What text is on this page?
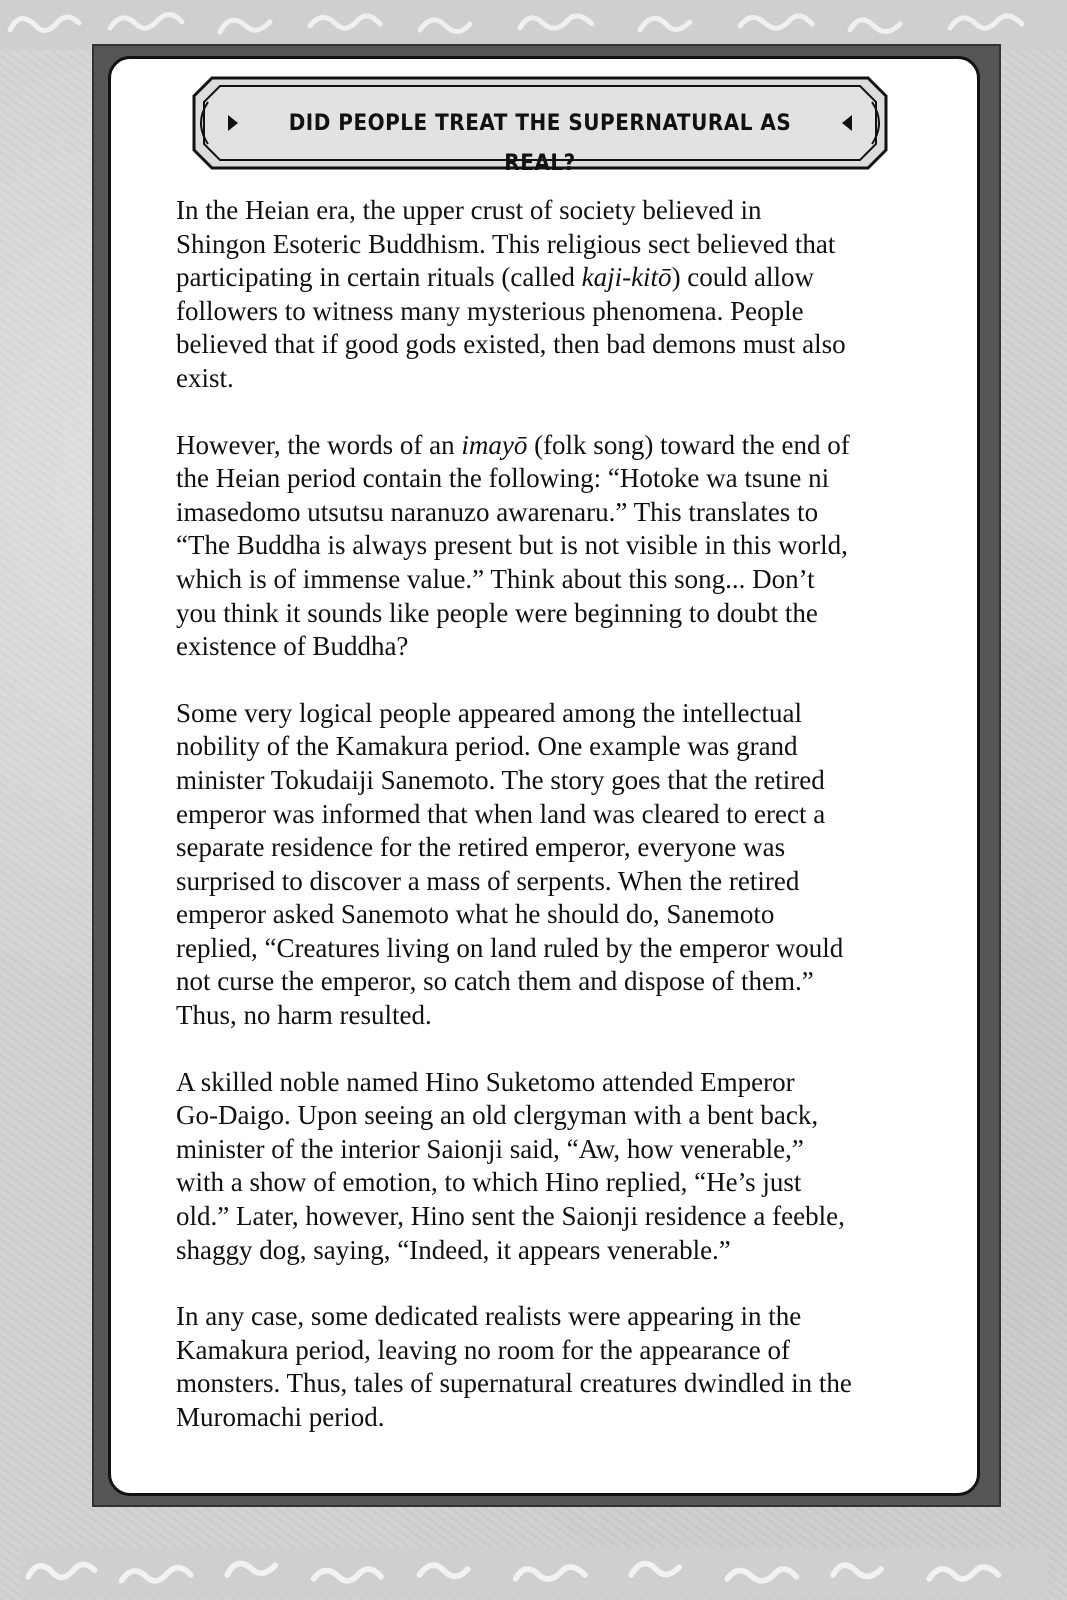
DID PEOPLE TREAT THE SUPERNATURAL AS REAL?

In the Heian era, the upper crust of society believed in
Shingon Esoteric Buddhism. This religious sect believed that
participating in certain rituals (called kaji-kitō) could allow
followers to witness many mysterious phenomena. People
believed that if good gods existed, then bad demons must also
exist.

However, the words of an imayō (folk song) toward the end of
the Heian period contain the following: “Hotoke wa tsune ni
imasedomo utsutsu naranuzo awarenaru.” This translates to
“The Buddha is always present but is not visible in this world,
which is of immense value.” Think about this song... Don’t
you think it sounds like people were beginning to doubt the
existence of Buddha?

Some very logical people appeared among the intellectual
nobility of the Kamakura period. One example was grand
minister Tokudaiji Sanemoto. The story goes that the retired
emperor was informed that when land was cleared to erect a
separate residence for the retired emperor, everyone was
surprised to discover a mass of serpents. When the retired
emperor asked Sanemoto what he should do, Sanemoto
replied, “Creatures living on land ruled by the emperor would
not curse the emperor, so catch them and dispose of them.”
Thus, no harm resulted.

A skilled noble named Hino Suketomo attended Emperor
Go-Daigo. Upon seeing an old clergyman with a bent back,
minister of the interior Saionji said, “Aw, how venerable,”
with a show of emotion, to which Hino replied, “He’s just
old.” Later, however, Hino sent the Saionji residence a feeble,
shaggy dog, saying, “Indeed, it appears venerable.”

In any case, some dedicated realists were appearing in the
Kamakura period, leaving no room for the appearance of
monsters. Thus, tales of supernatural creatures dwindled in the
Muromachi period.
